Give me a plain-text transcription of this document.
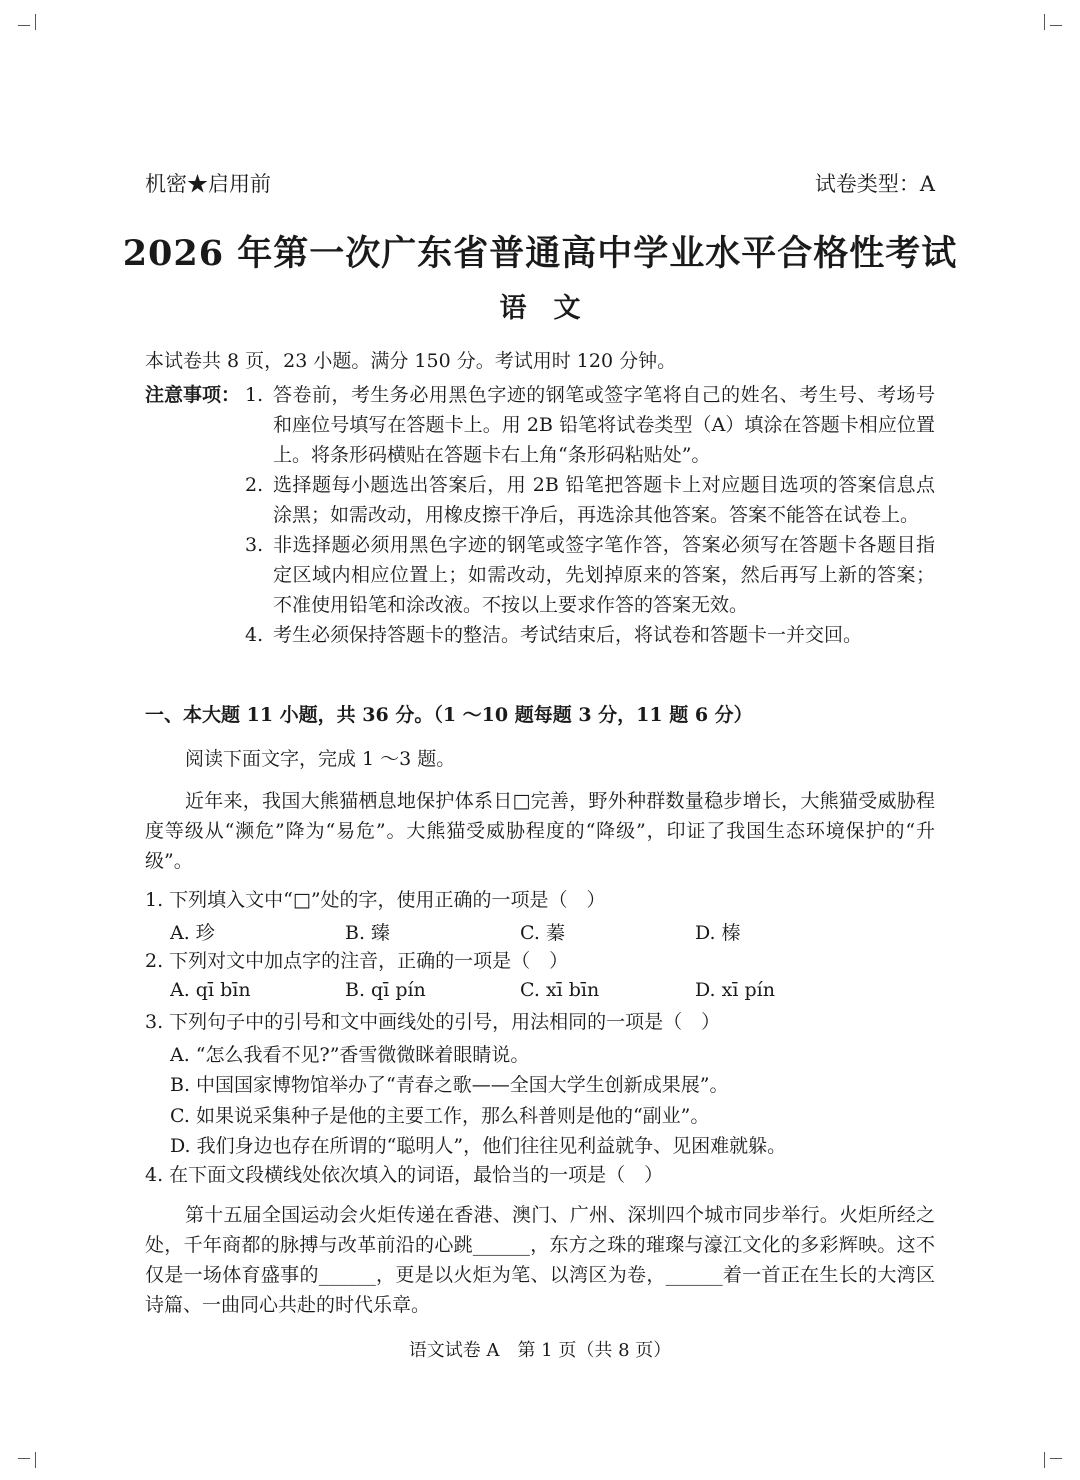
机密★启用前	试卷类型：A
2026 年第一次广东省普通高中学业水平合格性考试
语　文
本试卷共 8 页，23 小题。满分 150 分。考试用时 120 分钟。
注意事项： 1. 答卷前，考生务必用黑色字迹的钢笔或签字笔将自己的姓名、考生号、考场号和座位号填写在答题卡上。用 2B 铅笔将试卷类型（A）填涂在答题卡相应位置上。将条形码横贴在答题卡右上角“条形码粘贴处”。
2. 选择题每小题选出答案后，用 2B 铅笔把答题卡上对应题目选项的答案信息点涂黑；如需改动，用橡皮擦干净后，再选涂其他答案。答案不能答在试卷上。
3. 非选择题必须用黑色字迹的钢笔或签字笔作答，答案必须写在答题卡各题目指定区域内相应位置上；如需改动，先划掉原来的答案，然后再写上新的答案；不准使用铅笔和涂改液。不按以上要求作答的答案无效。
4. 考生必须保持答题卡的整洁。考试结束后，将试卷和答题卡一并交回。
一、本大题 11 小题，共 36 分。（1 ～10 题每题 3 分，11 题 6 分）
阅读下面文字，完成 1 ～3 题。
近年来，我国大熊猫栖息地保护体系日□完善，野外种群数量稳步增长，大熊猫受威胁程度等级从“濒危”降为“易危”。大熊猫受威胁程度的“降级”，印证了我国生态环境保护的“升级”。
1. 下列填入文中“□”处的字，使用正确的一项是（　）
A. 珍	B. 臻	C. 蓁	D. 榛
2. 下列对文中加点字的注音，正确的一项是（　）
A. qī bīn	B. qī pín	C. xī bīn	D. xī pín
3. 下列句子中的引号和文中画线处的引号，用法相同的一项是（　）
A. “怎么我看不见?”香雪微微眯着眼睛说。
B. 中国国家博物馆举办了“青春之歌——全国大学生创新成果展”。
C. 如果说采集种子是他的主要工作，那么科普则是他的“副业”。
D. 我们身边也存在所谓的“聪明人”，他们往往见利益就争、见困难就躲。
4. 在下面文段横线处依次填入的词语，最恰当的一项是（　）
第十五届全国运动会火炬传递在香港、澳门、广州、深圳四个城市同步举行。火炬所经之处，千年商都的脉搏与改革前沿的心跳______，东方之珠的璀璨与濠江文化的多彩辉映。这不仅是一场体育盛事的______，更是以火炬为笔、以湾区为卷，______着一首正在生长的大湾区诗篇、一曲同心共赴的时代乐章。
语文试卷 A　第 1 页（共 8 页）
